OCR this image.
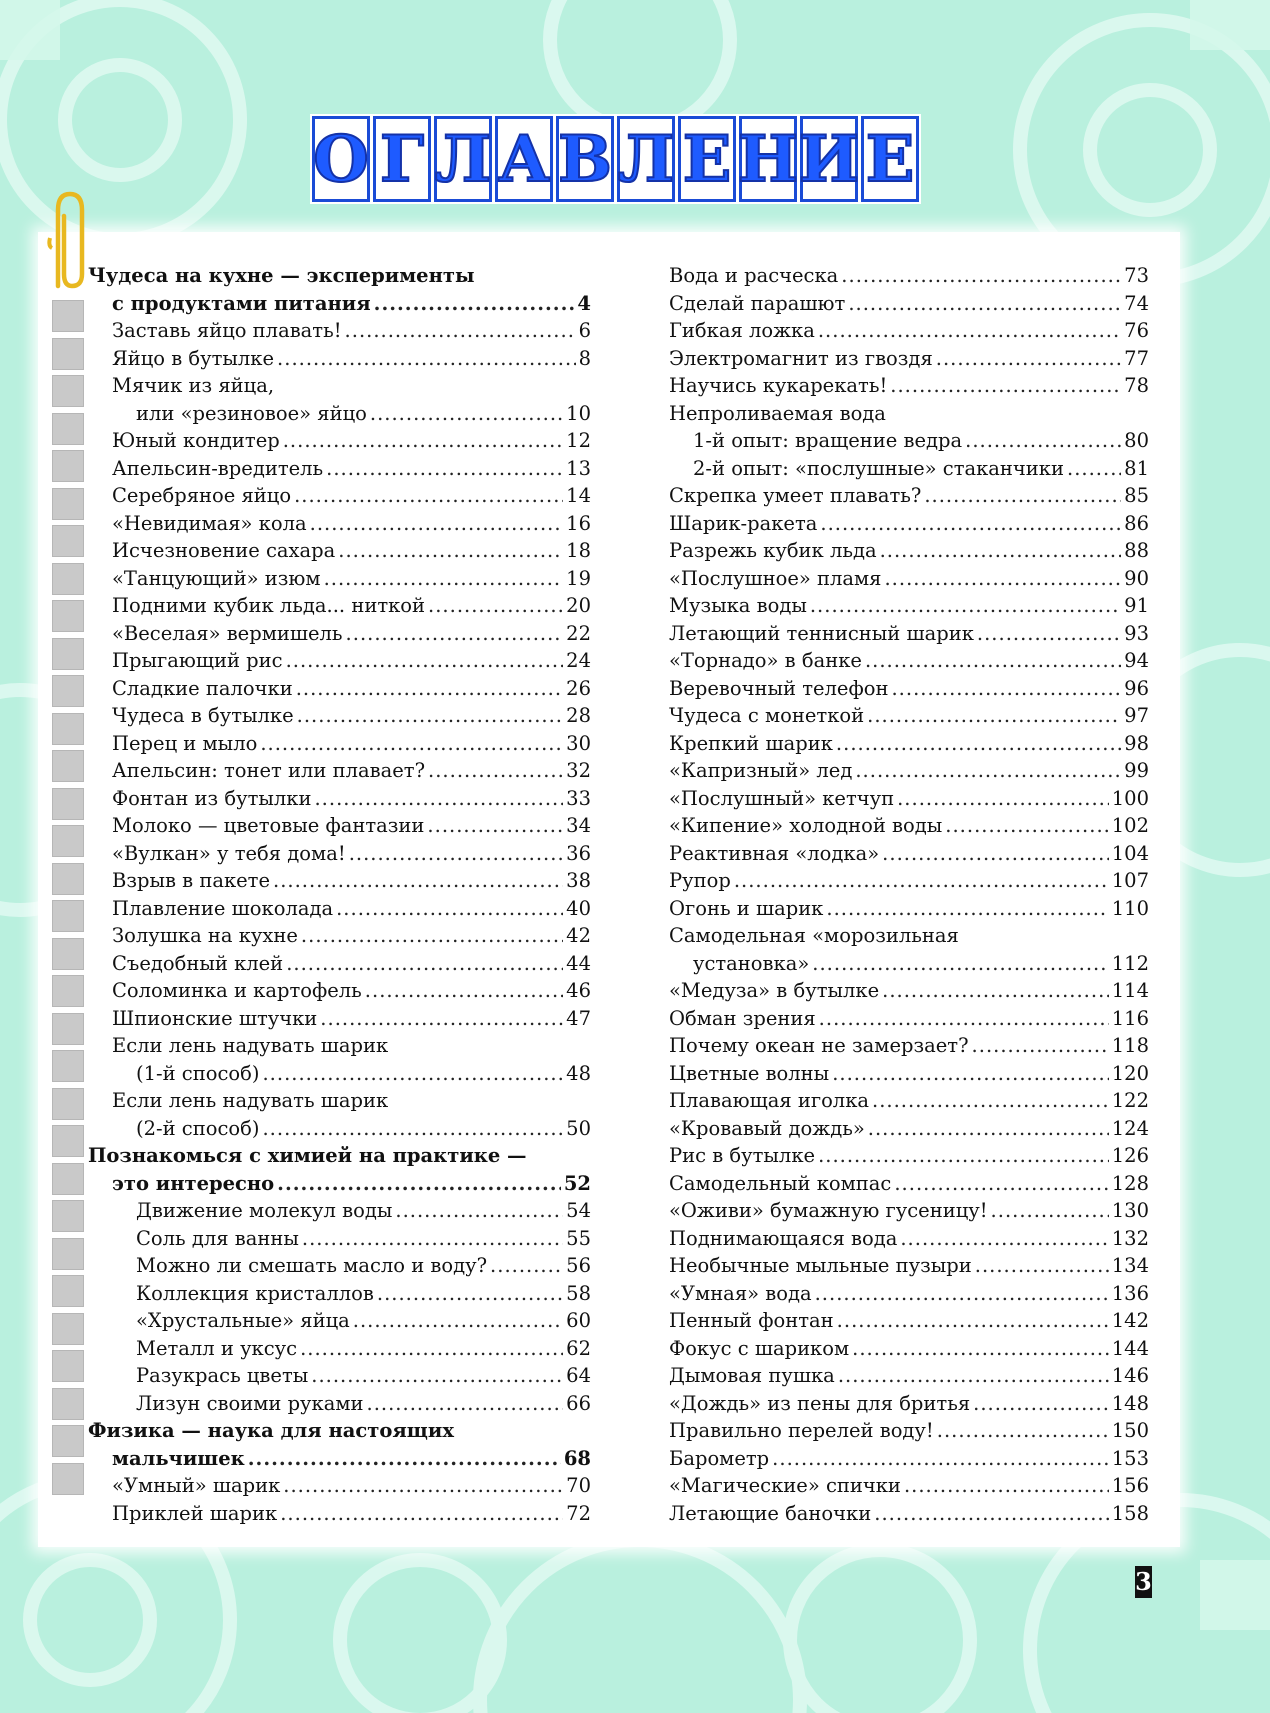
О Г Л А В Л Е Н И Е
Чудеса на кухне — эксперименты
с продуктами питания .....	4
Заставь яйцо плавать! .....	6
Яйцо в бутылке .....	8
Мячик из яйца,
или «резиновое» яйцо .....	10
Юный кондитер .....	12
Апельсин-вредитель .....	13
Серебряное яйцо .....	14
«Невидимая» кола .....	16
Исчезновение сахара .....	18
«Танцующий» изюм .....	19
Подними кубик льда... ниткой .....	20
«Веселая» вермишель .....	22
Прыгающий рис .....	24
Сладкие палочки .....	26
Чудеса в бутылке .....	28
Перец и мыло .....	30
Апельсин: тонет или плавает? .....	32
Фонтан из бутылки .....	33
Молоко — цветовые фантазии .....	34
«Вулкан» у тебя дома! .....	36
Взрыв в пакете .....	38
Плавление шоколада .....	40
Золушка на кухне .....	42
Съедобный клей .....	44
Соломинка и картофель .....	46
Шпионские штучки .....	47
Если лень надувать шарик
(1-й способ) .....	48
Если лень надувать шарик
(2-й способ) .....	50
Познакомься с химией на практике —
это интересно .....	52
Движение молекул воды .....	54
Соль для ванны .....	55
Можно ли смешать масло и воду? .....	56
Коллекция кристаллов .....	58
«Хрустальные» яйца .....	60
Металл и уксус .....	62
Разукрась цветы .....	64
Лизун своими руками .....	66
Физика — наука для настоящих
мальчишек .....	68
«Умный» шарик .....	70
Приклей шарик .....	72
Вода и расческа .....	73
Сделай парашют .....	74
Гибкая ложка .....	76
Электромагнит из гвоздя .....	77
Научись кукарекать! .....	78
Непроливаемая вода
1-й опыт: вращение ведра .....	80
2-й опыт: «послушные» стаканчики .....	81
Скрепка умеет плавать? .....	85
Шарик-ракета .....	86
Разрежь кубик льда .....	88
«Послушное» пламя .....	90
Музыка воды .....	91
Летающий теннисный шарик .....	93
«Торнадо» в банке .....	94
Веревочный телефон .....	96
Чудеса с монеткой .....	97
Крепкий шарик .....	98
«Капризный» лед .....	99
«Послушный» кетчуп .....	100
«Кипение» холодной воды .....	102
Реактивная «лодка» .....	104
Рупор .....	107
Огонь и шарик .....	110
Самодельная «морозильная
установка» .....	112
«Медуза» в бутылке .....	114
Обман зрения .....	116
Почему океан не замерзает? .....	118
Цветные волны .....	120
Плавающая иголка .....	122
«Кровавый дождь» .....	124
Рис в бутылке .....	126
Самодельный компас .....	128
«Оживи» бумажную гусеницу! .....	130
Поднимающаяся вода .....	132
Необычные мыльные пузыри .....	134
«Умная» вода .....	136
Пенный фонтан .....	142
Фокус с шариком .....	144
Дымовая пушка .....	146
«Дождь» из пены для бритья .....	148
Правильно перелей воду! .....	150
Барометр .....	153
«Магические» спички .....	156
Летающие баночки .....	158
3
